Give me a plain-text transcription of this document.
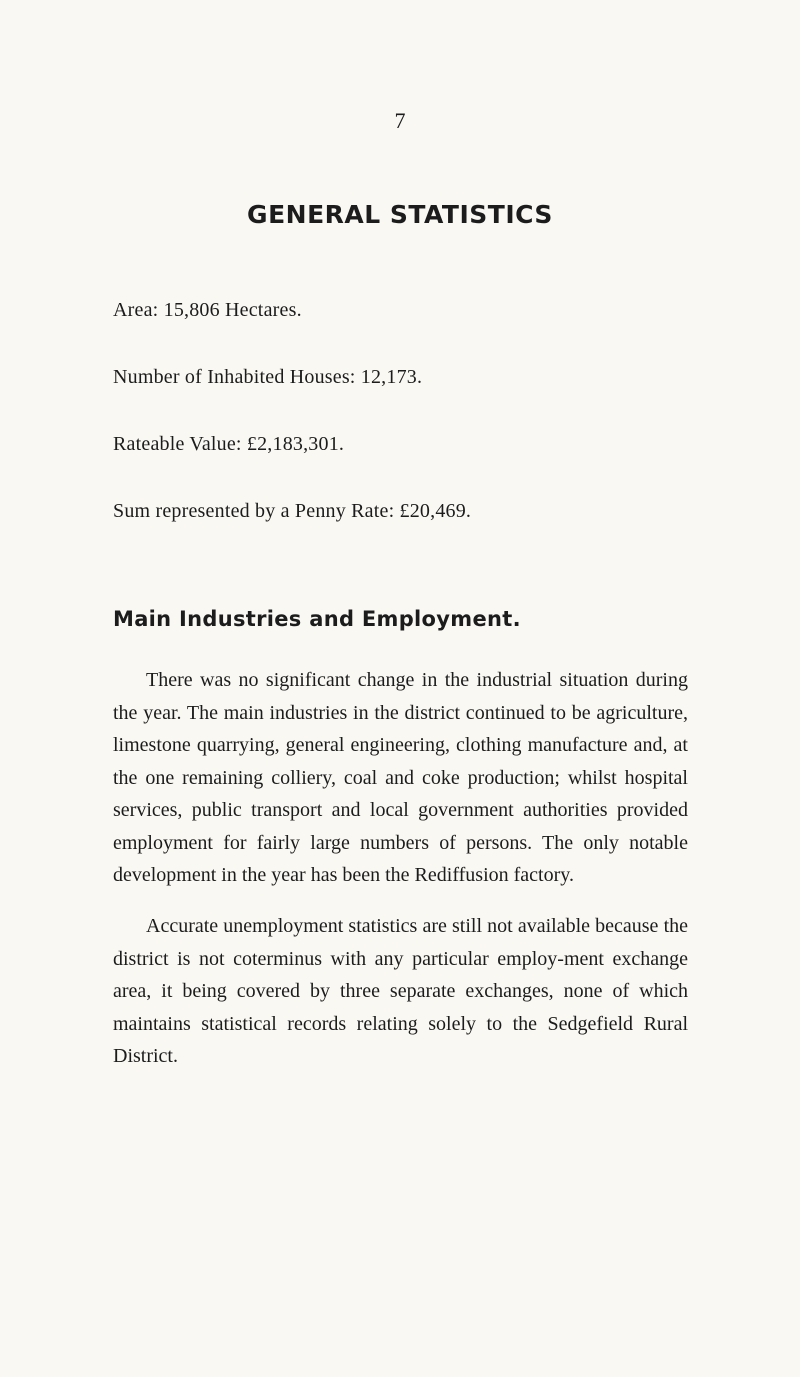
7
GENERAL STATISTICS
Area: 15,806 Hectares.
Number of Inhabited Houses: 12,173.
Rateable Value: £2,183,301.
Sum represented by a Penny Rate: £20,469.
Main Industries and Employment.

There was no significant change in the industrial situation during the year. The main industries in the district continued to be agriculture, limestone quarrying, general engineering, clothing manufacture and, at the one remaining colliery, coal and coke production; whilst hospital services, public transport and local government authorities provided employment for fairly large numbers of persons. The only notable development in the year has been the Rediffusion factory.

Accurate unemployment statistics are still not available because the district is not coterminus with any particular employ-ment exchange area, it being covered by three separate exchanges, none of which maintains statistical records relating solely to the Sedgefield Rural District.
